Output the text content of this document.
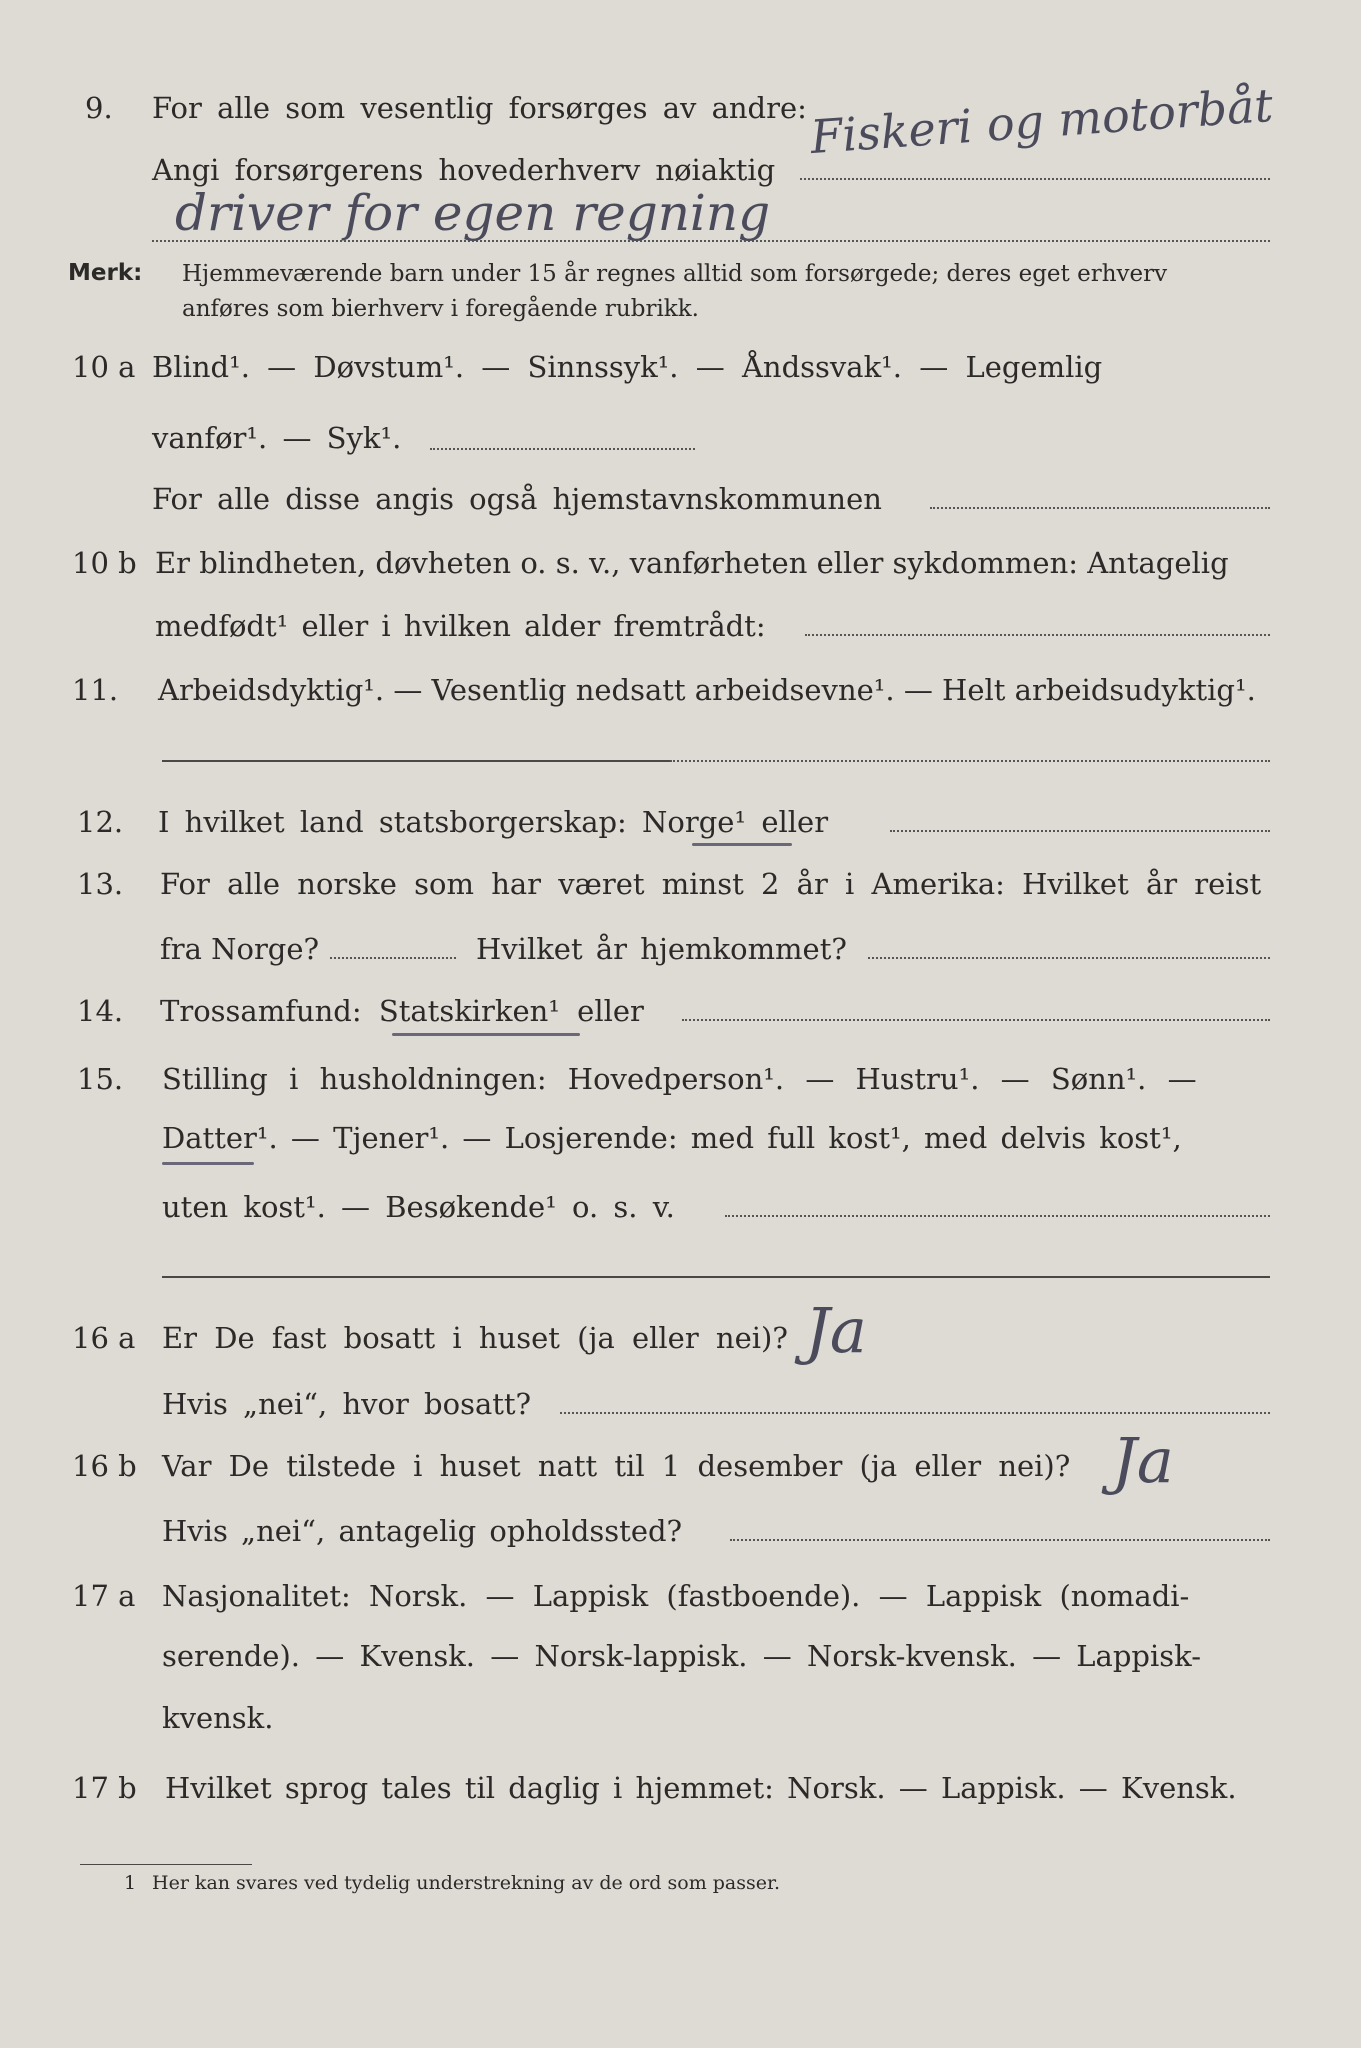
9. For alle som vesentlig forsørges av andre:
Angi forsørgerens hovederhverv nøiaktig
Fiskeri og motorbåt
driver for egen regning
Merk: Hjemmeværende barn under 15 år regnes alltid som forsørgede; deres eget erhverv
anføres som bierhverv i foregående rubrikk.
10 a Blind¹. — Døvstum¹. — Sinnssyk¹. — Åndssvak¹. — Legemlig
vanfør¹. — Syk¹.
For alle disse angis også hjemstavnskommunen
10 b Er blindheten, døvheten o. s. v., vanførheten eller sykdommen: Antagelig
medfødt¹ eller i hvilken alder fremtrådt:
11. Arbeidsdyktig¹. — Vesentlig nedsatt arbeidsevne¹. — Helt arbeidsudyktig¹.
12. I hvilket land statsborgerskap: Norge¹ eller
13. For alle norske som har været minst 2 år i Amerika: Hvilket år reist
fra Norge?	Hvilket år hjemkommet?
14. Trossamfund: Statskirken¹ eller
15. Stilling i husholdningen: Hovedperson¹. — Hustru¹. — Sønn¹. —
Datter¹. — Tjener¹. — Losjerende: med full kost¹, med delvis kost¹,
uten kost¹. — Besøkende¹ o. s. v.
16 a Er De fast bosatt i huset (ja eller nei)? Ja
Hvis „nei“, hvor bosatt?
16 b Var De tilstede i huset natt til 1 desember (ja eller nei)? Ja
Hvis „nei“, antagelig opholdssted?
17 a Nasjonalitet: Norsk. — Lappisk (fastboende). — Lappisk (nomadi-
serende). — Kvensk. — Norsk-lappisk. — Norsk-kvensk. — Lappisk-
kvensk.
17 b Hvilket sprog tales til daglig i hjemmet: Norsk. — Lappisk. — Kvensk.
1 Her kan svares ved tydelig understrekning av de ord som passer.
